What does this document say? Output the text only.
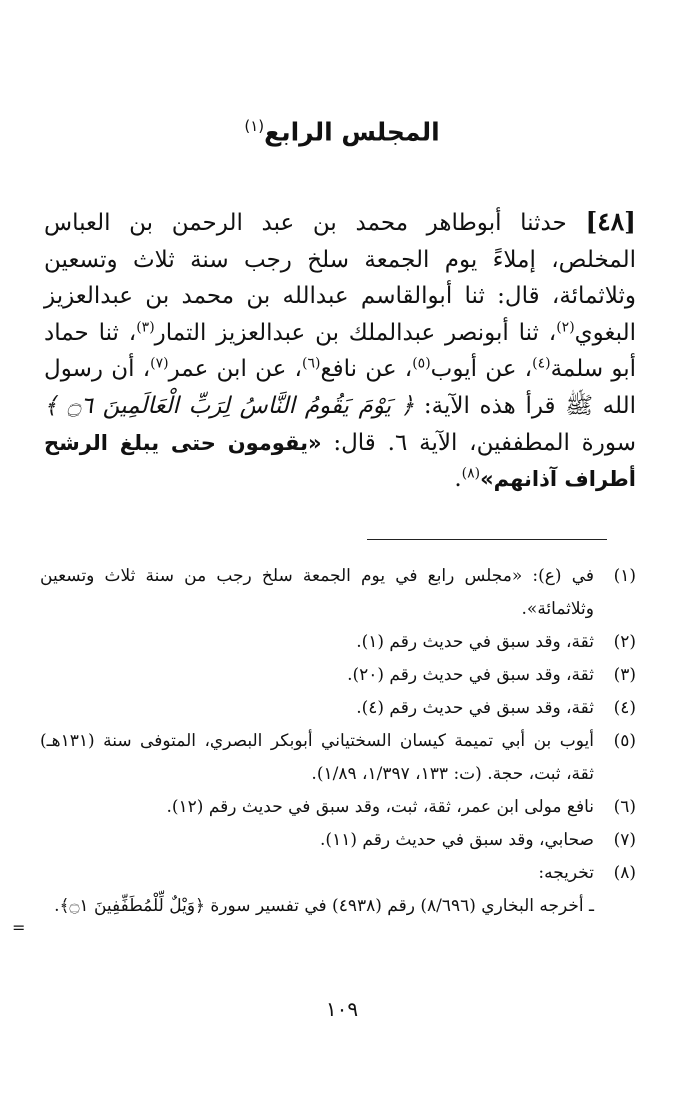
المجلس الرابع$^{(١)}$
[٤٨] حدثنا أبوطاهر محمد بن عبد الرحمن بن العباس المخلص، إملاءً يوم الجمعة سلخ رجب سنة ثلاث وتسعين وثلاثمائة، قال: ثنا أبوالقاسم عبدالله بن محمد بن عبدالعزيز البغوي$^{(٢)}$، ثنا أبونصر عبدالملك بن عبدالعزيز التمار$^{(٣)}$، ثنا حماد أبو سلمة$^{(٤)}$، عن أيوب$^{(٥)}$، عن نافع$^{(٦)}$، عن ابن عمر$^{(٧)}$، أن رسول الله ﷺ قرأ هذه الآية: ﴿ يَوْمَ يَقُومُ النَّاسُ لِرَبِّ الْعَالَمِينَ ۝٦ ﴾ سورة المطففين، الآية ٦. قال: «يقومون حتى يبلغ الرشح أطراف آذانهم»$^{(٨)}$.
(١)
في (ع): «مجلس رابع في يوم الجمعة سلخ رجب من سنة ثلاث وتسعين وثلاثمائة».
(٢)
ثقة، وقد سبق في حديث رقم (١).
(٣)
ثقة، وقد سبق في حديث رقم (٢٠).
(٤)
ثقة، وقد سبق في حديث رقم (٤).
(٥)
أيوب بن أبي تميمة كيسان السختياني أبوبكر البصري، المتوفى سنة (١٣١هـ) ثقة، ثبت، حجة. (ت: ١٣٣، ١/٣٩٧، ١/٨٩).
(٦)
نافع مولى ابن عمر، ثقة، ثبت، وقد سبق في حديث رقم (١٢).
(٧)
صحابي، وقد سبق في حديث رقم (١١).
(٨)
تخريجه:
ـ أخرجه البخاري (٨/٦٩٦) رقم (٤٩٣٨) في تفسير سورة ﴿وَيْلٌ لِّلْمُطَفِّفِينَ ۝١﴾.
=
١٠٩
